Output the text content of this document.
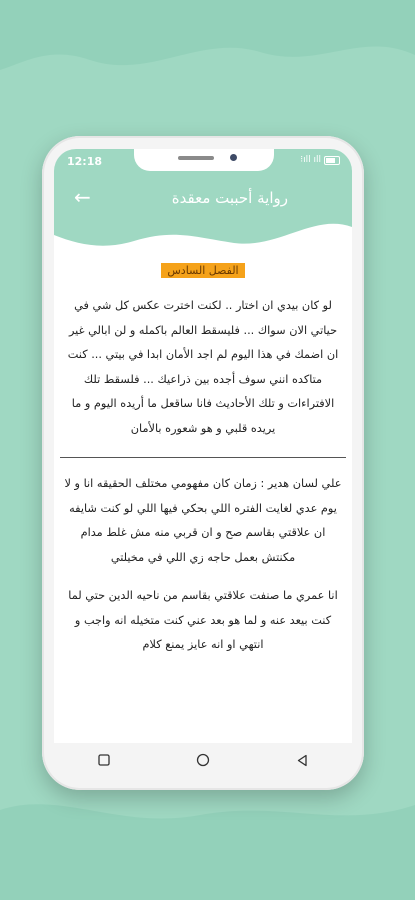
12:18	⁝ıll ıll
←	رواية أحببت معقدة
الفصل السادس

لو كان بيدي ان اختار .. لكنت اخترت عكس كل شي في حياتي الان سواك ... فليسقط العالم باكمله و لن ابالي غير ان اضمك في هذا اليوم لم اجد الأمان ابدا في بيتي ... كنت متاكده انني سوف أجده بين ذراعيك ... فلسقط تلك الافتراءات و تلك الأحاديث فانا ساقعل ما أريده اليوم و ما يريده قلبي و هو شعوره بالأمان

علي لسان هدير : زمان كان مفهومي مختلف الحقيقه انا و لا يوم عدي لغايت الفتره اللي بحكي فيها اللي لو كنت شايفه ان علاقتي بقاسم صح و ان قربي منه مش غلط مدام مكنتش بعمل حاجه زي اللي في مخيلتي

انا عمري ما صنفت علاقتي بقاسم من ناحيه الدين حتي لما كنت بيعد عنه و لما هو بعد عني كنت متخيله انه واجب و انتهي او انه عايز يمنع كلام
